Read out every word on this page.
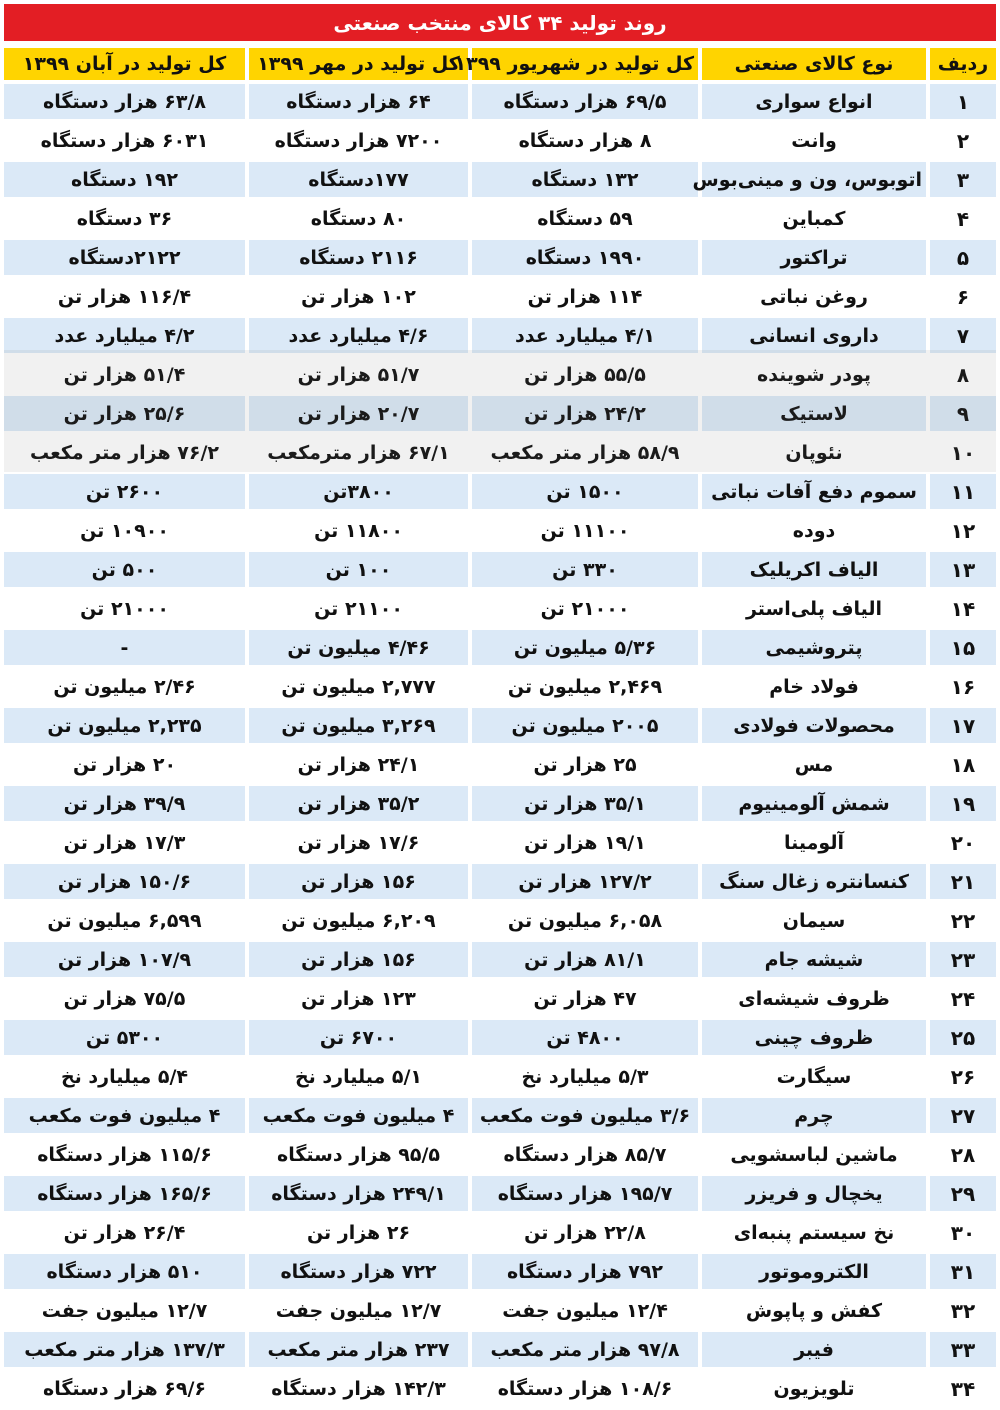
روند تولید ۳۴ کالای منتخب صنعتی
ردیف	نوع کالای صنعتی	کل تولید در شهریور ۱۳۹۹	کل تولید در مهر ۱۳۹۹	کل تولید در آبان ۱۳۹۹
۱	انواع سواری	۶۹/۵ هزار دستگاه	۶۴ هزار دستگاه	۶۳/۸ هزار دستگاه
۲	وانت	۸ هزار دستگاه	۷۲۰۰ هزار دستگاه	۶۰۳۱ هزار دستگاه
۳	اتوبوس، ون و مینی‌بوس	۱۳۲ دستگاه	۱۷۷دستگاه	۱۹۲ دستگاه
۴	کمباین	۵۹ دستگاه	۸۰ دستگاه	۳۶ دستگاه
۵	تراکتور	۱۹۹۰ دستگاه	۲۱۱۶ دستگاه	۲۱۲۲دستگاه
۶	روغن نباتی	۱۱۴ هزار تن	۱۰۲ هزار تن	۱۱۶/۴ هزار تن
۷	داروی انسانی	۴/۱ میلیارد عدد	۴/۶ میلیارد عدد	۴/۲ میلیارد عدد
۸	پودر شوینده	۵۵/۵ هزار تن	۵۱/۷ هزار تن	۵۱/۴ هزار تن
۹	لاستیک	۲۴/۲ هزار تن	۲۰/۷ هزار تن	۲۵/۶ هزار تن
۱۰	نئوپان	۵۸/۹ هزار متر مکعب	۶۷/۱ هزار مترمکعب	۷۶/۲ هزار متر مکعب
۱۱	سموم دفع آفات نباتی	۱۵۰۰ تن	۳۸۰۰تن	۲۶۰۰ تن
۱۲	دوده	۱۱۱۰۰ تن	۱۱۸۰۰ تن	۱۰۹۰۰ تن
۱۳	الیاف اکریلیک	۳۳۰ تن	۱۰۰ تن	۵۰۰ تن
۱۴	الیاف پلی‌استر	۲۱۰۰۰ تن	۲۱۱۰۰ تن	۲۱۰۰۰ تن
۱۵	پتروشیمی	۵/۳۶ میلیون تن	۴/۴۶ میلیون تن	-
۱۶	فولاد خام	۲,۴۶۹ میلیون تن	۲,۷۷۷ میلیون تن	۲/۴۶ میلیون تن
۱۷	محصولات فولادی	۲۰۰۵ میلیون تن	۳,۲۶۹ میلیون تن	۲,۲۳۵ میلیون تن
۱۸	مس	۲۵ هزار تن	۲۴/۱ هزار تن	۲۰ هزار تن
۱۹	شمش آلومینیوم	۳۵/۱ هزار تن	۳۵/۲ هزار تن	۳۹/۹ هزار تن
۲۰	آلومینا	۱۹/۱ هزار تن	۱۷/۶ هزار تن	۱۷/۳ هزار تن
۲۱	کنسانتره زغال سنگ	۱۲۷/۲ هزار تن	۱۵۶ هزار تن	۱۵۰/۶ هزار تن
۲۲	سیمان	۶,۰۵۸ میلیون تن	۶,۲۰۹ میلیون تن	۶,۵۹۹ میلیون تن
۲۳	شیشه جام	۸۱/۱ هزار تن	۱۵۶ هزار تن	۱۰۷/۹ هزار تن
۲۴	ظروف شیشه‌ای	۴۷ هزار تن	۱۲۳ هزار تن	۷۵/۵ هزار تن
۲۵	ظروف چینی	۴۸۰۰ تن	۶۷۰۰ تن	۵۳۰۰ تن
۲۶	سیگارت	۵/۳ میلیارد نخ	۵/۱ میلیارد نخ	۵/۴ میلیارد نخ
۲۷	چرم	۳/۶ میلیون فوت مکعب	۴ میلیون فوت مکعب	۴ میلیون فوت مکعب
۲۸	ماشین لباسشویی	۸۵/۷ هزار دستگاه	۹۵/۵ هزار دستگاه	۱۱۵/۶ هزار دستگاه
۲۹	یخچال و فریزر	۱۹۵/۷ هزار دستگاه	۲۴۹/۱ هزار دستگاه	۱۶۵/۶ هزار دستگاه
۳۰	نخ سیستم پنبه‌ای	۲۲/۸ هزار تن	۲۶ هزار تن	۲۶/۴ هزار تن
۳۱	الکتروموتور	۷۹۲ هزار دستگاه	۷۲۲ هزار دستگاه	۵۱۰ هزار دستگاه
۳۲	کفش و پاپوش	۱۲/۴ میلیون جفت	۱۲/۷ میلیون جفت	۱۲/۷ میلیون جفت
۳۳	فیبر	۹۷/۸ هزار متر مکعب	۲۳۷ هزار متر مکعب	۱۳۷/۳ هزار متر مکعب
۳۴	تلویزیون	۱۰۸/۶ هزار دستگاه	۱۴۲/۳ هزار دستگاه	۶۹/۶ هزار دستگاه
